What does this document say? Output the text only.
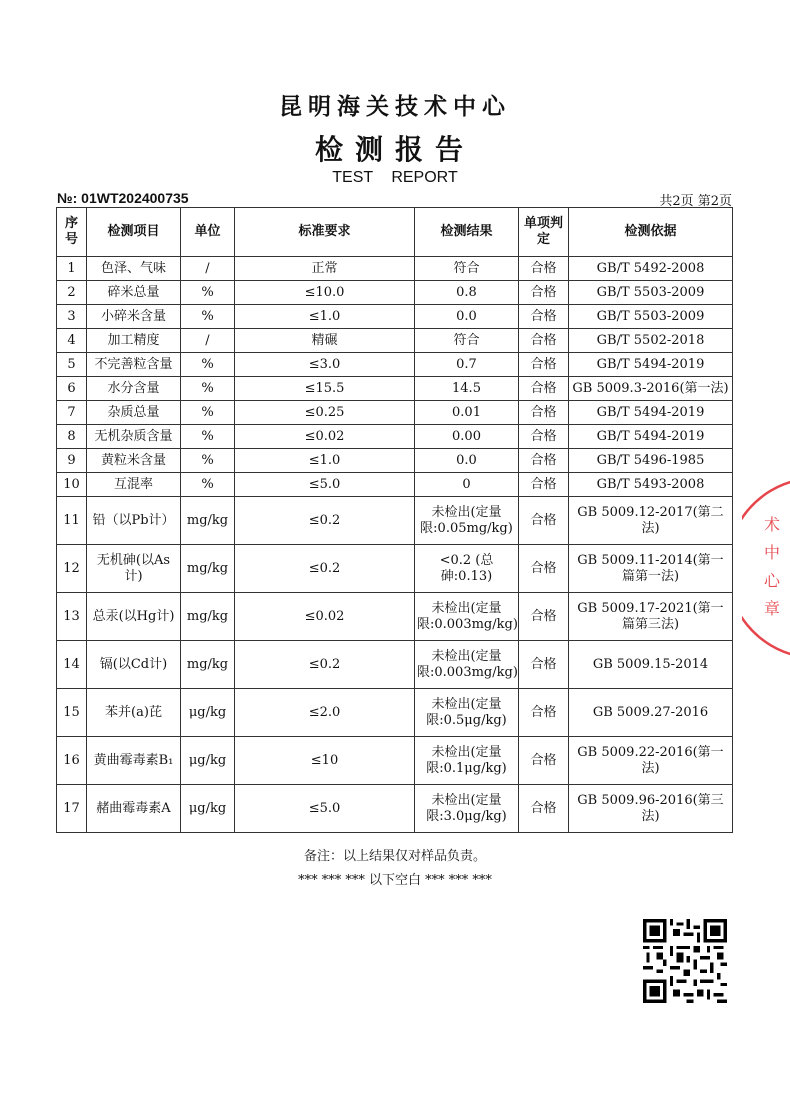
昆明海关技术中心
检测报告
TEST REPORT
№: 01WT202400735	共2页 第2页
序号	检测项目	单位	标准要求	检测结果	单项判定	检测依据
1	色泽、气味	/	正常	符合	合格	GB/T 5492-2008
2	碎米总量	%	≤10.0	0.8	合格	GB/T 5503-2009
3	小碎米含量	%	≤1.0	0.0	合格	GB/T 5503-2009
4	加工精度	/	精碾	符合	合格	GB/T 5502-2018
5	不完善粒含量	%	≤3.0	0.7	合格	GB/T 5494-2019
6	水分含量	%	≤15.5	14.5	合格	GB 5009.3-2016(第一法)
7	杂质总量	%	≤0.25	0.01	合格	GB/T 5494-2019
8	无机杂质含量	%	≤0.02	0.00	合格	GB/T 5494-2019
9	黄粒米含量	%	≤1.0	0.0	合格	GB/T 5496-1985
10	互混率	%	≤5.0	0	合格	GB/T 5493-2008
11	铅（以Pb计）	mg/kg	≤0.2	未检出(定量限:0.05mg/kg)	合格	GB 5009.12-2017(第二法)
12	无机砷(以As计)	mg/kg	≤0.2	<0.2 (总砷:0.13)	合格	GB 5009.11-2014(第一篇第一法)
13	总汞(以Hg计)	mg/kg	≤0.02	未检出(定量限:0.003mg/kg)	合格	GB 5009.17-2021(第一篇第三法)
14	镉(以Cd计)	mg/kg	≤0.2	未检出(定量限:0.003mg/kg)	合格	GB 5009.15-2014
15	苯并(a)芘	μg/kg	≤2.0	未检出(定量限:0.5μg/kg)	合格	GB 5009.27-2016
16	黄曲霉毒素B₁	μg/kg	≤10	未检出(定量限:0.1μg/kg)	合格	GB 5009.22-2016(第一法)
17	赭曲霉毒素A	μg/kg	≤5.0	未检出(定量限:3.0μg/kg)	合格	GB 5009.96-2016(第三法)
备注：以上结果仅对样品负责。
*** *** *** 以下空白 *** *** ***
术
中
心
章
